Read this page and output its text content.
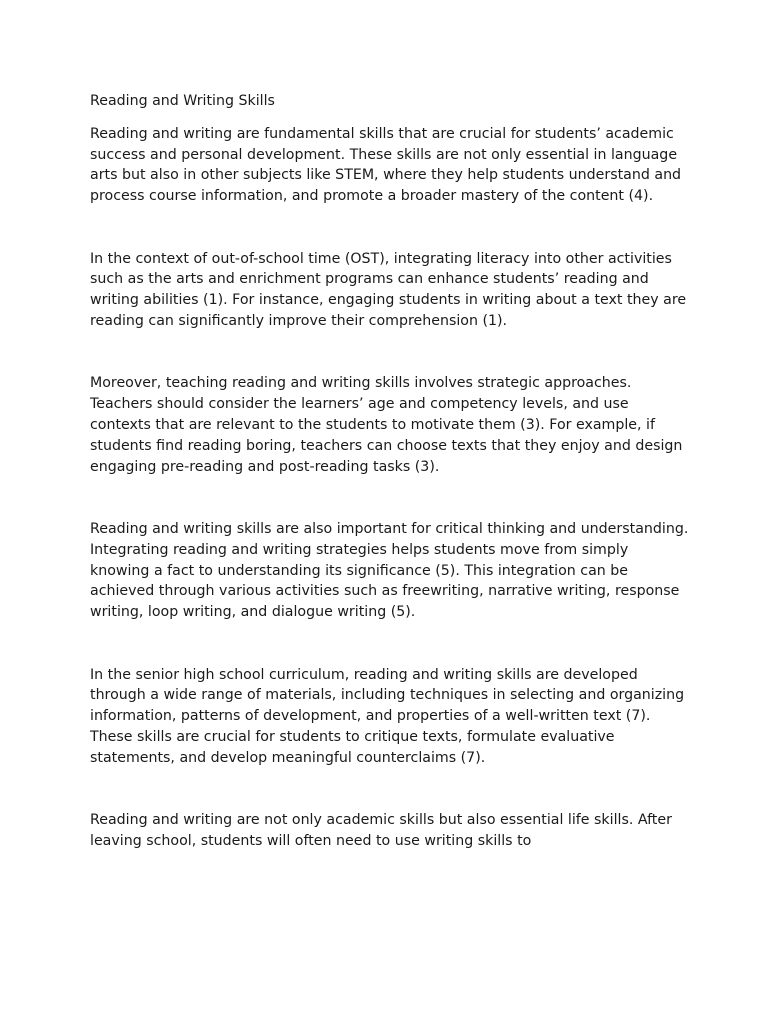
Reading and Writing Skills

Reading and writing are fundamental skills that are crucial for students’ academic success and personal development. These skills are not only essential in language arts but also in other subjects like STEM, where they help students understand and process course information, and promote a broader mastery of the content (4).

In the context of out-of-school time (OST), integrating literacy into other activities such as the arts and enrichment programs can enhance students’ reading and writing abilities (1). For instance, engaging students in writing about a text they are reading can significantly improve their comprehension (1).

Moreover, teaching reading and writing skills involves strategic approaches. Teachers should consider the learners’ age and competency levels, and use contexts that are relevant to the students to motivate them (3). For example, if students find reading boring, teachers can choose texts that they enjoy and design engaging pre-reading and post-reading tasks (3).

Reading and writing skills are also important for critical thinking and understanding. Integrating reading and writing strategies helps students move from simply knowing a fact to understanding its significance (5). This integration can be achieved through various activities such as freewriting, narrative writing, response writing, loop writing, and dialogue writing (5).

In the senior high school curriculum, reading and writing skills are developed through a wide range of materials, including techniques in selecting and organizing information, patterns of development, and properties of a well-written text (7). These skills are crucial for students to critique texts, formulate evaluative statements, and develop meaningful counterclaims (7).

Reading and writing are not only academic skills but also essential life skills. After leaving school, students will often need to use writing skills to
